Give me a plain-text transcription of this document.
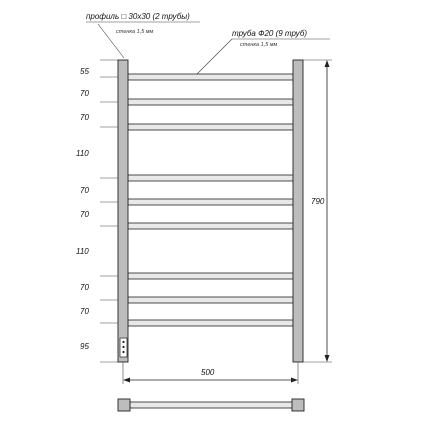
профиль □ 30х30 (2 трубы)
стенка 1,5 мм	труба Ф20 (9 труб)
стенка 1,5 мм
55
70
70
110
70
70
110
70
70
95
790
500
